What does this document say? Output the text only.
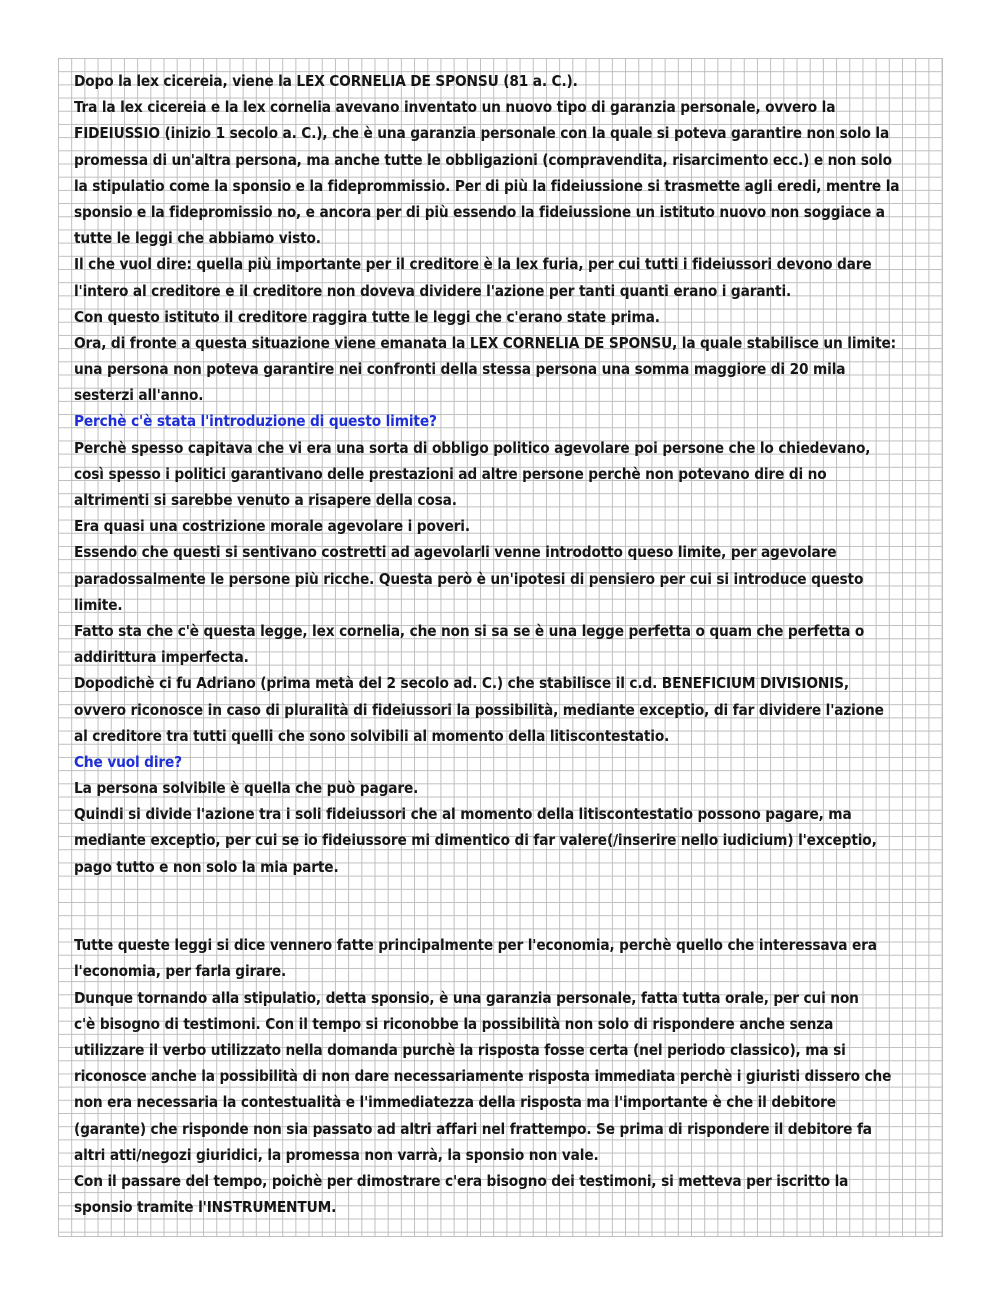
Dopo la lex cicereia, viene la LEX CORNELIA DE SPONSU (81 a. C.).
Tra la lex cicereia e la lex cornelia avevano inventato un nuovo tipo di garanzia personale, ovvero la
FIDEIUSSIO (inizio 1 secolo a. C.), che è una garanzia personale con la quale si poteva garantire non solo la
promessa di un'altra persona, ma anche tutte le obbligazioni (compravendita, risarcimento ecc.) e non solo
la stipulatio come la sponsio e la fideprommissio. Per di più la fideiussione si trasmette agli eredi, mentre la
sponsio e la fidepromissio no, e ancora per di più essendo la fideiussione un istituto nuovo non soggiace a
tutte le leggi che abbiamo visto.
Il che vuol dire: quella più importante per il creditore è la lex furia, per cui tutti i fideiussori devono dare
l'intero al creditore e il creditore non doveva dividere l'azione per tanti quanti erano i garanti.
Con questo istituto il creditore raggira tutte le leggi che c'erano state prima.
Ora, di fronte a questa situazione viene emanata la LEX CORNELIA DE SPONSU, la quale stabilisce un limite:
una persona non poteva garantire nei confronti della stessa persona una somma maggiore di 20 mila
sesterzi all'anno.
Perchè c'è stata l'introduzione di questo limite?
Perchè spesso capitava che vi era una sorta di obbligo politico agevolare poi persone che lo chiedevano,
così spesso i politici garantivano delle prestazioni ad altre persone perchè non potevano dire di no
altrimenti si sarebbe venuto a risapere della cosa.
Era quasi una costrizione morale agevolare i poveri.
Essendo che questi si sentivano costretti ad agevolarli venne introdotto queso limite, per agevolare
paradossalmente le persone più ricche. Questa però è un'ipotesi di pensiero per cui si introduce questo
limite.
Fatto sta che c'è questa legge, lex cornelia, che non si sa se è una legge perfetta o quam che perfetta o
addirittura imperfecta.
Dopodichè ci fu Adriano (prima metà del 2 secolo ad. C.) che stabilisce il c.d. BENEFICIUM DIVISIONIS,
ovvero riconosce in caso di pluralità di fideiussori la possibilità, mediante exceptio, di far dividere l'azione
al creditore tra tutti quelli che sono solvibili al momento della litiscontestatio.
Che vuol dire?
La persona solvibile è quella che può pagare.
Quindi si divide l'azione tra i soli fideiussori che al momento della litiscontestatio possono pagare, ma
mediante exceptio, per cui se io fideiussore mi dimentico di far valere(/inserire nello iudicium) l'exceptio,
pago tutto e non solo la mia parte.
Tutte queste leggi si dice vennero fatte principalmente per l'economia, perchè quello che interessava era
l'economia, per farla girare.
Dunque tornando alla stipulatio, detta sponsio, è una garanzia personale, fatta tutta orale, per cui non
c'è bisogno di testimoni. Con il tempo si riconobbe la possibilità non solo di rispondere anche senza
utilizzare il verbo utilizzato nella domanda purchè la risposta fosse certa (nel periodo classico), ma si
riconosce anche la possibilità di non dare necessariamente risposta immediata perchè i giuristi dissero che
non era necessaria la contestualità e l'immediatezza della risposta ma l'importante è che il debitore
(garante) che risponde non sia passato ad altri affari nel frattempo. Se prima di rispondere il debitore fa
altri atti/negozi giuridici, la promessa non varrà, la sponsio non vale.
Con il passare del tempo, poichè per dimostrare c'era bisogno dei testimoni, si metteva per iscritto la
sponsio tramite l'INSTRUMENTUM.
